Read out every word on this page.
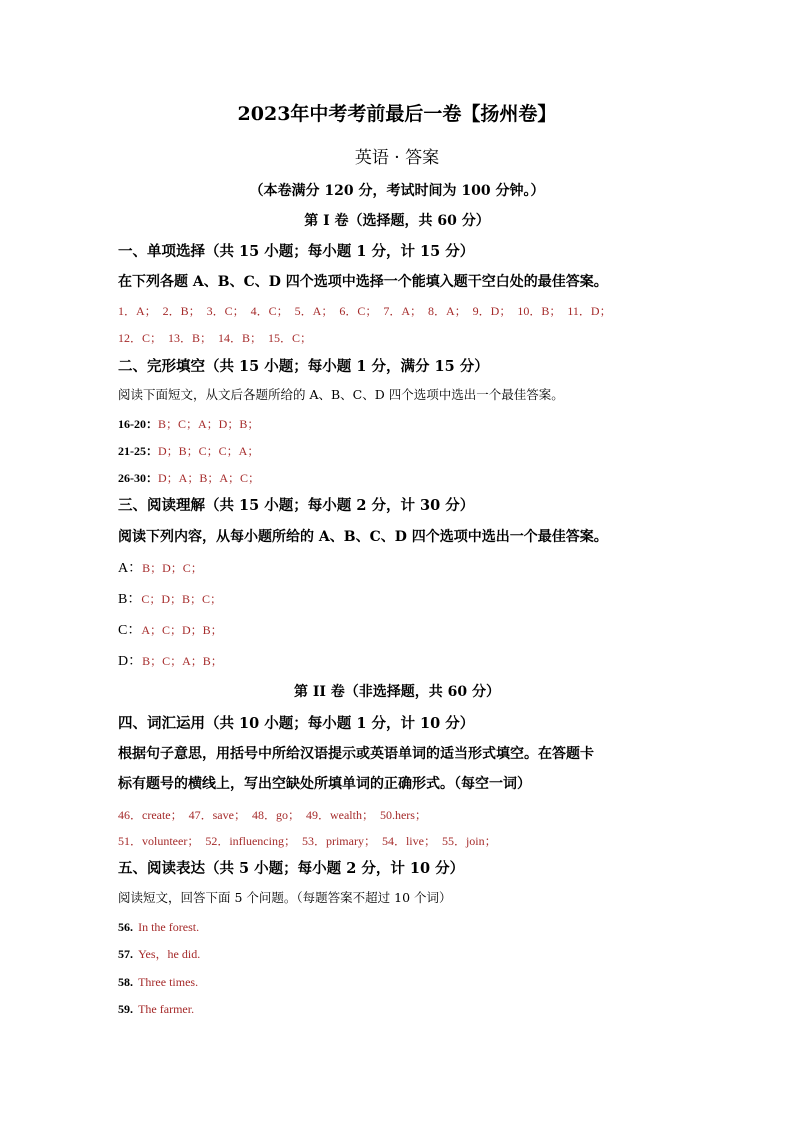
2023年中考考前最后一卷【扬州卷】
英语 · 答案
（本卷满分 120 分，考试时间为 100 分钟。）
第 I 卷（选择题，共 60 分）
一、单项选择（共 15 小题；每小题 1 分，计 15 分）
在下列各题 A、B、C、D 四个选项中选择一个能填入题干空白处的最佳答案。
1．A； 2．B； 3．C； 4．C； 5．A； 6．C； 7．A； 8．A； 9．D； 10．B； 11．D；
12．C； 13．B； 14．B； 15．C；
二、完形填空（共 15 小题；每小题 1 分，满分 15 分）
阅读下面短文，从文后各题所给的 A、B、C、D 四个选项中选出一个最佳答案。
16-20：B；C；A；D；B；
21-25：D；B；C；C；A；
26-30：D；A；B；A；C；
三、阅读理解（共 15 小题；每小题 2 分，计 30 分）
阅读下列内容，从每小题所给的 A、B、C、D 四个选项中选出一个最佳答案。
A：B；D；C；
B：C；D；B；C；
C：A；C；D；B；
D：B；C；A；B；
第 II 卷（非选择题，共 60 分）
四、词汇运用（共 10 小题；每小题 1 分，计 10 分）
根据句子意思，用括号中所给汉语提示或英语单词的适当形式填空。在答题卡
标有题号的横线上，写出空缺处所填单词的正确形式。（每空一词）
46．create； 47．save； 48．go； 49．wealth； 50.hers；
51．volunteer； 52．influencing； 53．primary； 54．live； 55．join；
五、阅读表达（共 5 小题；每小题 2 分，计 10 分）
阅读短文，回答下面 5 个问题。（每题答案不超过 10 个词）
56. In the forest.
57. Yes，he did.
58. Three times.
59. The farmer.
